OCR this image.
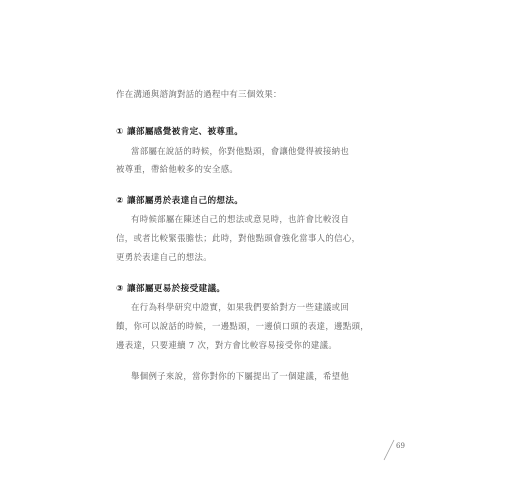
作在溝通與諮詢對話的過程中有三個效果：
① 讓部屬感覺被肯定、被尊重。
當部屬在說話的時候，你對他點頭，會讓他覺得被接納也
被尊重，帶給他較多的安全感。
② 讓部屬勇於表達自己的想法。
有時候部屬在陳述自己的想法或意見時，也許會比較沒自
信，或者比較緊張膽怯；此時，對他點頭會強化當事人的信心，
更勇於表達自己的想法。
③ 讓部屬更易於接受建議。
在行為科學研究中證實，如果我們要給對方一些建議或回
饋，你可以說話的時候，一邊點頭，一邊偵口頭的表達，邊點頭，
邊表達，只要連續 7 次，對方會比較容易接受你的建議。
舉個例子來說，當你對你的下屬提出了一個建議，希望他
69
